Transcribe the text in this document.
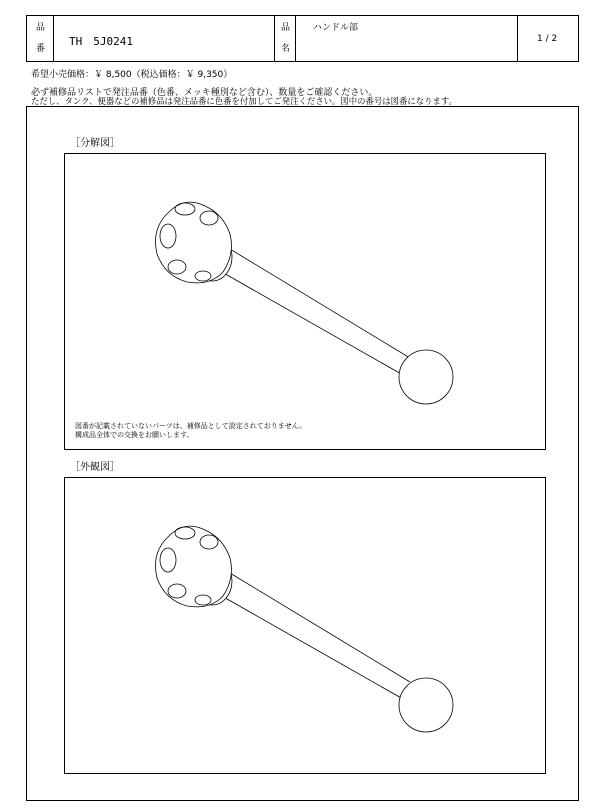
品
番
TH　5J0241
品
名
ハンドル部
1 / 2
希望小売価格：￥ 8,500（税込価格：￥ 9,350）
必ず補修品リストで発注品番（色番、メッキ種別など含む）、数量をご確認ください。
ただし、タンク、便器などの補修品は発注品番に色番を付加してご発注ください。図中の番号は図番になります。
［分解図］
図番が記載されていないパーツは、補修品として設定されておりません。
構成品全体での交換をお願いします。
［外観図］
